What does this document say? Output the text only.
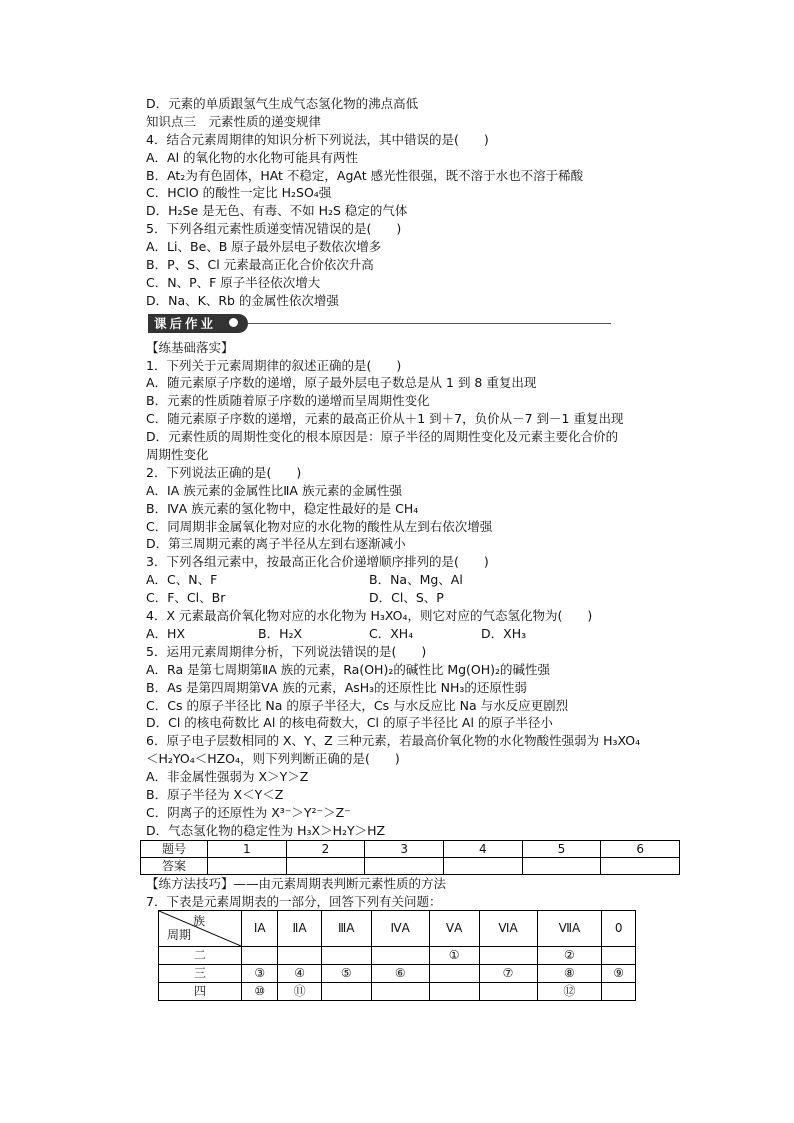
D．元素的单质跟氢气生成气态氢化物的沸点高低
知识点三　元素性质的递变规律
4．结合元素周期律的知识分析下列说法，其中错误的是(　　)
A．Al 的氧化物的水化物可能具有两性
B．At₂为有色固体，HAt 不稳定，AgAt 感光性很强，既不溶于水也不溶于稀酸
C．HClO 的酸性一定比 H₂SO₄强
D．H₂Se 是无色、有毒、不如 H₂S 稳定的气体
5．下列各组元素性质递变情况错误的是(　　)
A．Li、Be、B 原子最外层电子数依次增多
B．P、S、Cl 元素最高正化合价依次升高
C．N、P、F 原子半径依次增大
D．Na、K、Rb 的金属性依次增强
课后作业
【练基础落实】
1．下列关于元素周期律的叙述正确的是(　　)
A．随元素原子序数的递增，原子最外层电子数总是从 1 到 8 重复出现
B．元素的性质随着原子序数的递增而呈周期性变化
C．随元素原子序数的递增，元素的最高正价从＋1 到＋7，负价从－7 到－1 重复出现
D．元素性质的周期性变化的根本原因是：原子半径的周期性变化及元素主要化合价的
周期性变化
2．下列说法正确的是(　　)
A．ⅠA 族元素的金属性比ⅡA 族元素的金属性强
B．ⅣA 族元素的氢化物中，稳定性最好的是 CH₄
C．同周期非金属氧化物对应的水化物的酸性从左到右依次增强
D．第三周期元素的离子半径从左到右逐渐减小
3．下列各组元素中，按最高正化合价递增顺序排列的是(　　)
A．C、N、F	B．Na、Mg、Al
C．F、Cl、Br	D．Cl、S、P
4．X 元素最高价氧化物对应的水化物为 H₃XO₄，则它对应的气态氢化物为(　　)
A．HX	B．H₂X	C．XH₄	D．XH₃
5．运用元素周期律分析，下列说法错误的是(　　)
A．Ra 是第七周期第ⅡA 族的元素，Ra(OH)₂的碱性比 Mg(OH)₂的碱性强
B．As 是第四周期第ⅤA 族的元素，AsH₃的还原性比 NH₃的还原性弱
C．Cs 的原子半径比 Na 的原子半径大，Cs 与水反应比 Na 与水反应更剧烈
D．Cl 的核电荷数比 Al 的核电荷数大，Cl 的原子半径比 Al 的原子半径小
6．原子电子层数相同的 X、Y、Z 三种元素，若最高价氧化物的水化物酸性强弱为 H₃XO₄
＜H₂YO₄＜HZO₄，则下列判断正确的是(　　)
A．非金属性强弱为 X＞Y＞Z
B．原子半径为 X＜Y＜Z
C．阴离子的还原性为 X³⁻＞Y²⁻＞Z⁻
D．气态氢化物的稳定性为 H₃X＞H₂Y＞HZ
题号	1	2	3	4	5	6
答案						
【练方法技巧】——由元素周期表判断元素性质的方法
7．下表是元素周期表的一部分，回答下列有关问题：
族
周期	ⅠA	ⅡA	ⅢA	ⅣA	ⅤA	ⅥA	ⅦA	0
二					①		②	
三	③	④	⑤	⑥		⑦	⑧	⑨
四	⑩	⑪					⑫	
